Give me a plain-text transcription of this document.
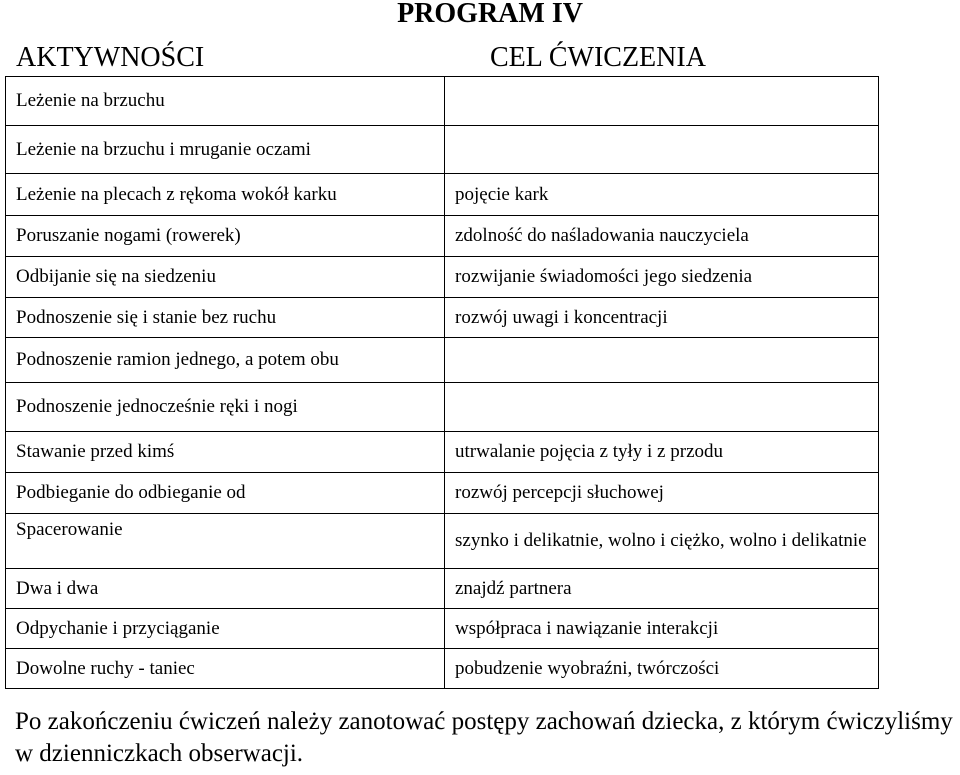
PROGRAM IV
AKTYWNOŚCI	CEL ĆWICZENIA
Leżenie na brzuchu	
Leżenie na brzuchu i mruganie oczami	
Leżenie na plecach z rękoma wokół karku	pojęcie kark
Poruszanie nogami (rowerek)	zdolność do naśladowania nauczyciela
Odbijanie się na siedzeniu	rozwijanie świadomości jego siedzenia
Podnoszenie się i stanie bez ruchu	rozwój uwagi i koncentracji
Podnoszenie ramion jednego, a potem obu	
Podnoszenie jednocześnie ręki i nogi	
Stawanie przed kimś	utrwalanie pojęcia z tyły i z przodu
Podbieganie do odbieganie od	rozwój percepcji słuchowej
Spacerowanie	szynko i delikatnie, wolno i ciężko, wolno i delikatnie
Dwa i dwa	znajdź partnera
Odpychanie i przyciąganie	współpraca i nawiązanie interakcji
Dowolne ruchy - taniec	pobudzenie wyobraźni, twórczości
Po zakończeniu ćwiczeń należy zanotować postępy zachowań dziecka, z którym ćwiczyliśmy w dzienniczkach obserwacji.
